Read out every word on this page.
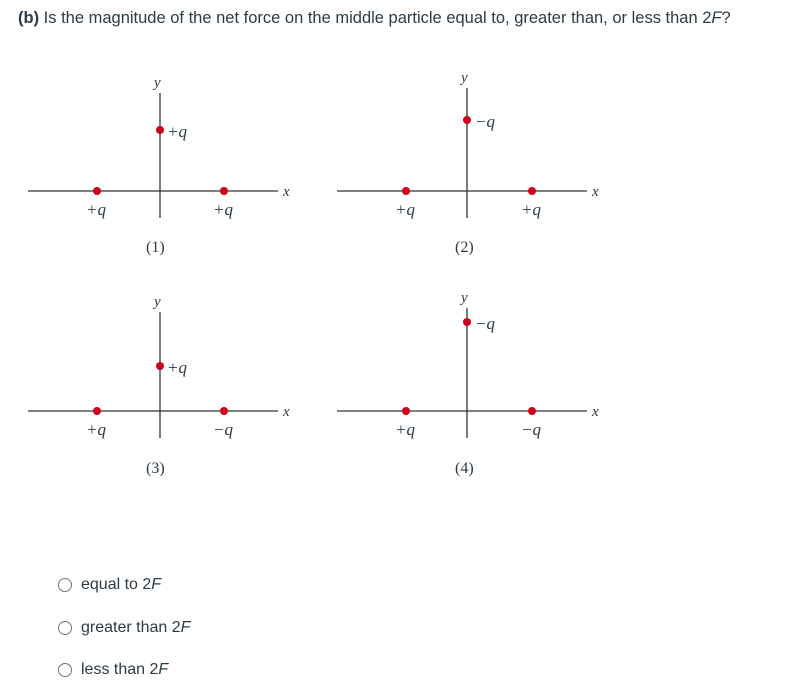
(b) Is the magnitude of the net force on the middle particle equal to, greater than, or less than 2F?
x
y
+q
+q	+q
(1)
x
y
−q
+q	+q
(2)
x
y
+q
+q	−q
(3)
x
y
−q
+q	−q
(4)
equal to 2F
greater than 2F
less than 2F
